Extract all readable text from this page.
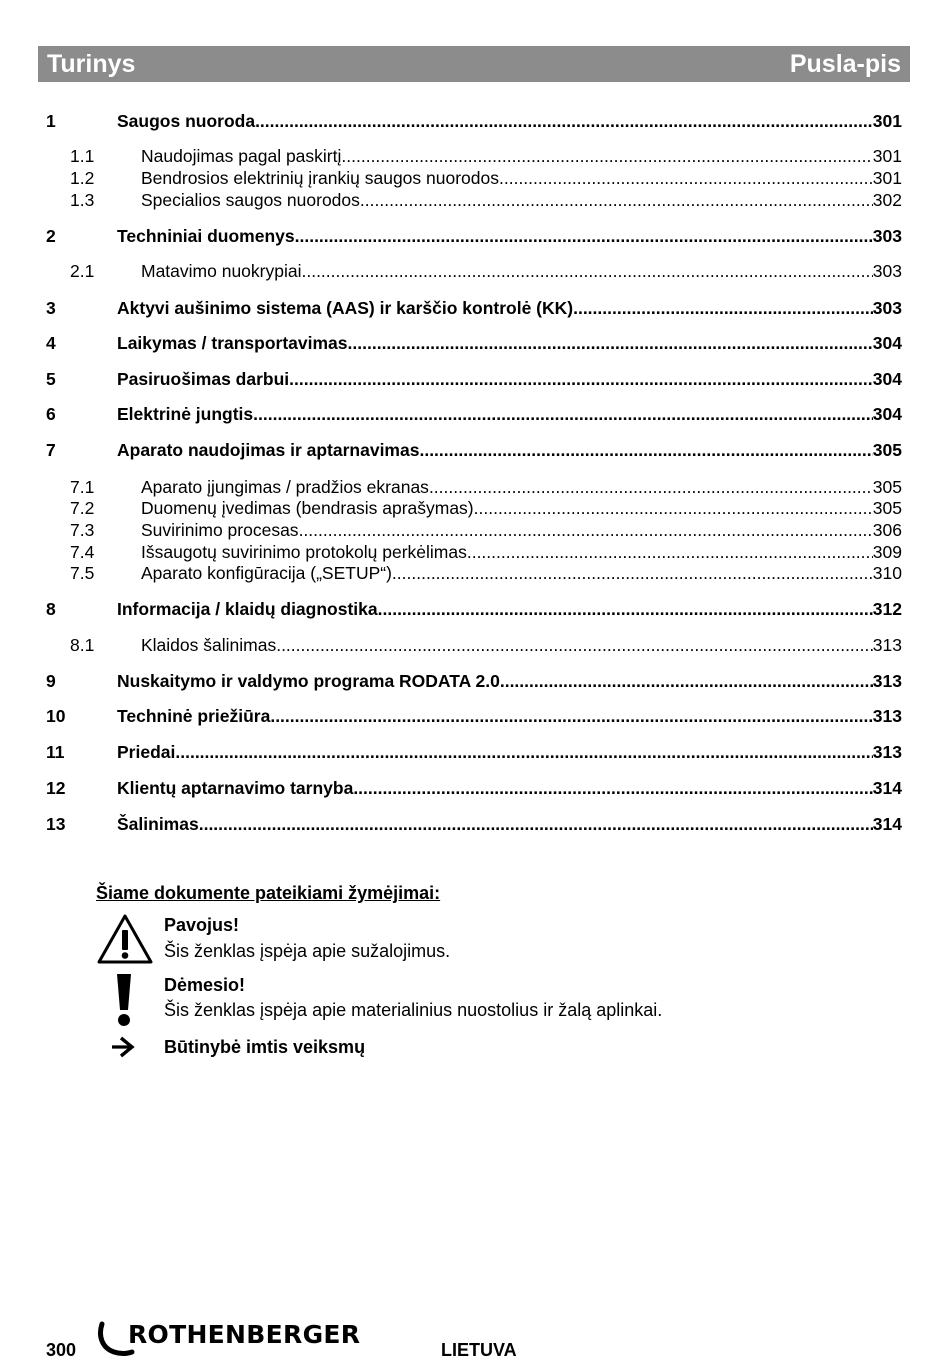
Turinys	Pusla-pis
1	Saugos nuoroda .....	301
1.1	Naudojimas pagal paskirtį .....	301
1.2	Bendrosios elektrinių įrankių saugos nuorodos .....	301
1.3	Specialios saugos nuorodos .....	302
2	Techniniai duomenys .....	303
2.1	Matavimo nuokrypiai .....	303
3	Aktyvi aušinimo sistema (AAS) ir karščio kontrolė (KK) .....	303
4	Laikymas / transportavimas .....	304
5	Pasiruošimas darbui .....	304
6	Elektrinė jungtis .....	304
7	Aparato naudojimas ir aptarnavimas .....	305
7.1	Aparato įjungimas / pradžios ekranas .....	305
7.2	Duomenų įvedimas (bendrasis aprašymas) .....	305
7.3	Suvirinimo procesas .....	306
7.4	Išsaugotų suvirinimo protokolų perkėlimas .....	309
7.5	Aparato konfigūracija („SETUP“) .....	310
8	Informacija / klaidų diagnostika .....	312
8.1	Klaidos šalinimas .....	313
9	Nuskaitymo ir valdymo programa RODATA 2.0 .....	313
10	Techninė priežiūra .....	313
11	Priedai .....	313
12	Klientų aptarnavimo tarnyba .....	314
13	Šalinimas .....	314
Šiame dokumente pateikiami žymėjimai:
Pavojus!
Šis ženklas įspėja apie sužalojimus.
Dėmesio!
Šis ženklas įspėja apie materialinius nuostolius ir žalą aplinkai.
Būtinybė imtis veiksmų
300
ROTHENBERGER
LIETUVA
